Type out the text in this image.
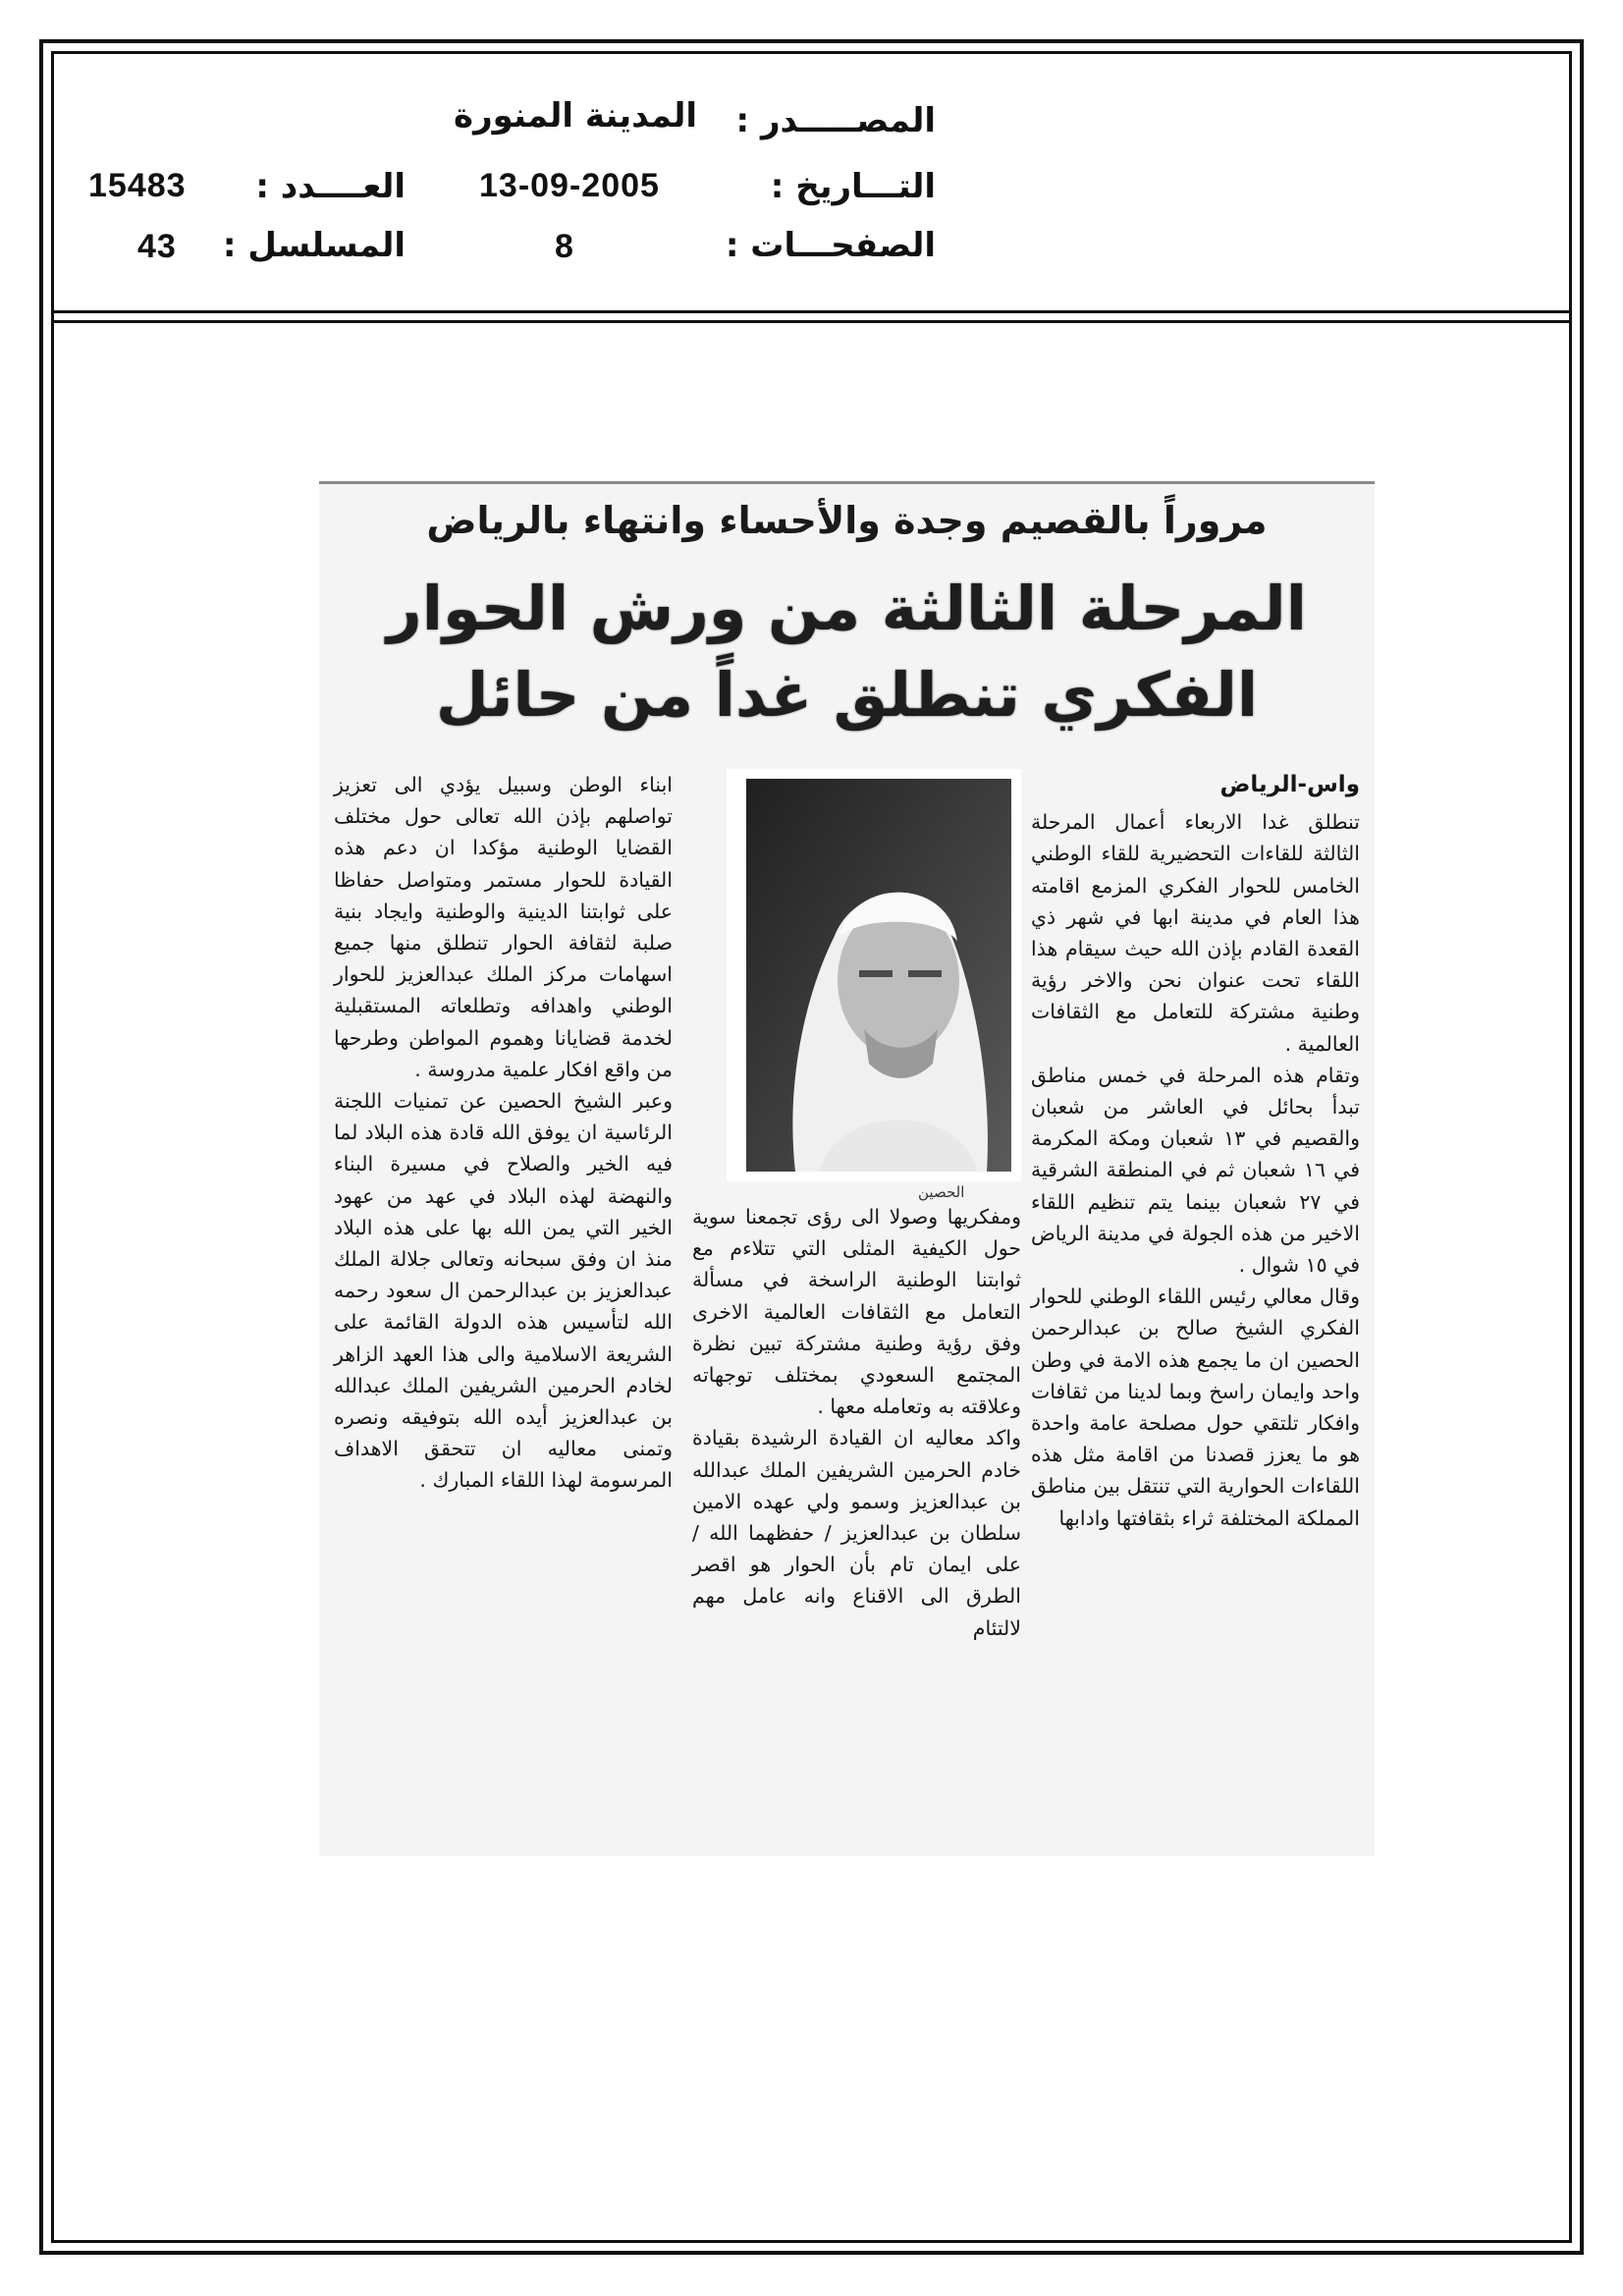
المصـــــدر :
المدينة المنورة
التـــاريخ :
13-09-2005
العــــدد :
15483
الصفحـــات :
8
المسلسل :
43
مروراً بالقصيم وجدة والأحساء وانتهاء بالرياض
المرحلة الثالثة من ورش الحوار
الفكري تنطلق غداً من حائل
واس-الرياض

تنطلق غدا الاربعاء أعمال المرحلة الثالثة للقاءات التحضيرية للقاء الوطني الخامس للحوار الفكري المزمع اقامته هذا العام في مدينة ابها في شهر ذي القعدة القادم بإذن الله حيث سيقام هذا اللقاء تحت عنوان نحن والاخر رؤية وطنية مشتركة للتعامل مع الثقافات العالمية .

وتقام هذه المرحلة في خمس مناطق تبدأ بحائل في العاشر من شعبان والقصيم في ١٣ شعبان ومكة المكرمة في ١٦ شعبان ثم في المنطقة الشرقية في ٢٧ شعبان بينما يتم تنظيم اللقاء الاخير من هذه الجولة في مدينة الرياض في ١٥ شوال .

وقال معالي رئيس اللقاء الوطني للحوار الفكري الشيخ صالح بن عبدالرحمن الحصين ان ما يجمع هذه الامة في وطن واحد وايمان راسخ وبما لدينا من ثقافات وافكار تلتقي حول مصلحة عامة واحدة هو ما يعزز قصدنا من اقامة مثل هذه اللقاءات الحوارية التي تنتقل بين مناطق المملكة المختلفة ثراء بثقافتها وادابها

الحصين

ومفكريها وصولا الى رؤى تجمعنا سوية حول الكيفية المثلى التي تتلاءم مع ثوابتنا الوطنية الراسخة في مسألة التعامل مع الثقافات العالمية الاخرى وفق رؤية وطنية مشتركة تبين نظرة المجتمع السعودي بمختلف توجهاته وعلاقته به وتعامله معها .

واكد معاليه ان القيادة الرشيدة بقيادة خادم الحرمين الشريفين الملك عبدالله بن عبدالعزيز وسمو ولي عهده الامين سلطان بن عبدالعزيز / حفظهما الله / على ايمان تام بأن الحوار هو اقصر الطرق الى الاقناع وانه عامل مهم لالتئام

ابناء الوطن وسبيل يؤدي الى تعزيز تواصلهم بإذن الله تعالى حول مختلف القضايا الوطنية مؤكدا ان دعم هذه القيادة للحوار مستمر ومتواصل حفاظا على ثوابتنا الدينية والوطنية وايجاد بنية صلبة لثقافة الحوار تنطلق منها جميع اسهامات مركز الملك عبدالعزيز للحوار الوطني واهدافه وتطلعاته المستقبلية لخدمة قضايانا وهموم المواطن وطرحها من واقع افكار علمية مدروسة .

وعبر الشيخ الحصين عن تمنيات اللجنة الرئاسية ان يوفق الله قادة هذه البلاد لما فيه الخير والصلاح في مسيرة البناء والنهضة لهذه البلاد في عهد من عهود الخير التي يمن الله بها على هذه البلاد منذ ان وفق سبحانه وتعالى جلالة الملك عبدالعزيز بن عبدالرحمن ال سعود رحمه الله لتأسيس هذه الدولة القائمة على الشريعة الاسلامية والى هذا العهد الزاهر لخادم الحرمين الشريفين الملك عبدالله بن عبدالعزيز أيده الله بتوفيقه ونصره وتمنى معاليه ان تتحقق الاهداف المرسومة لهذا اللقاء المبارك .
